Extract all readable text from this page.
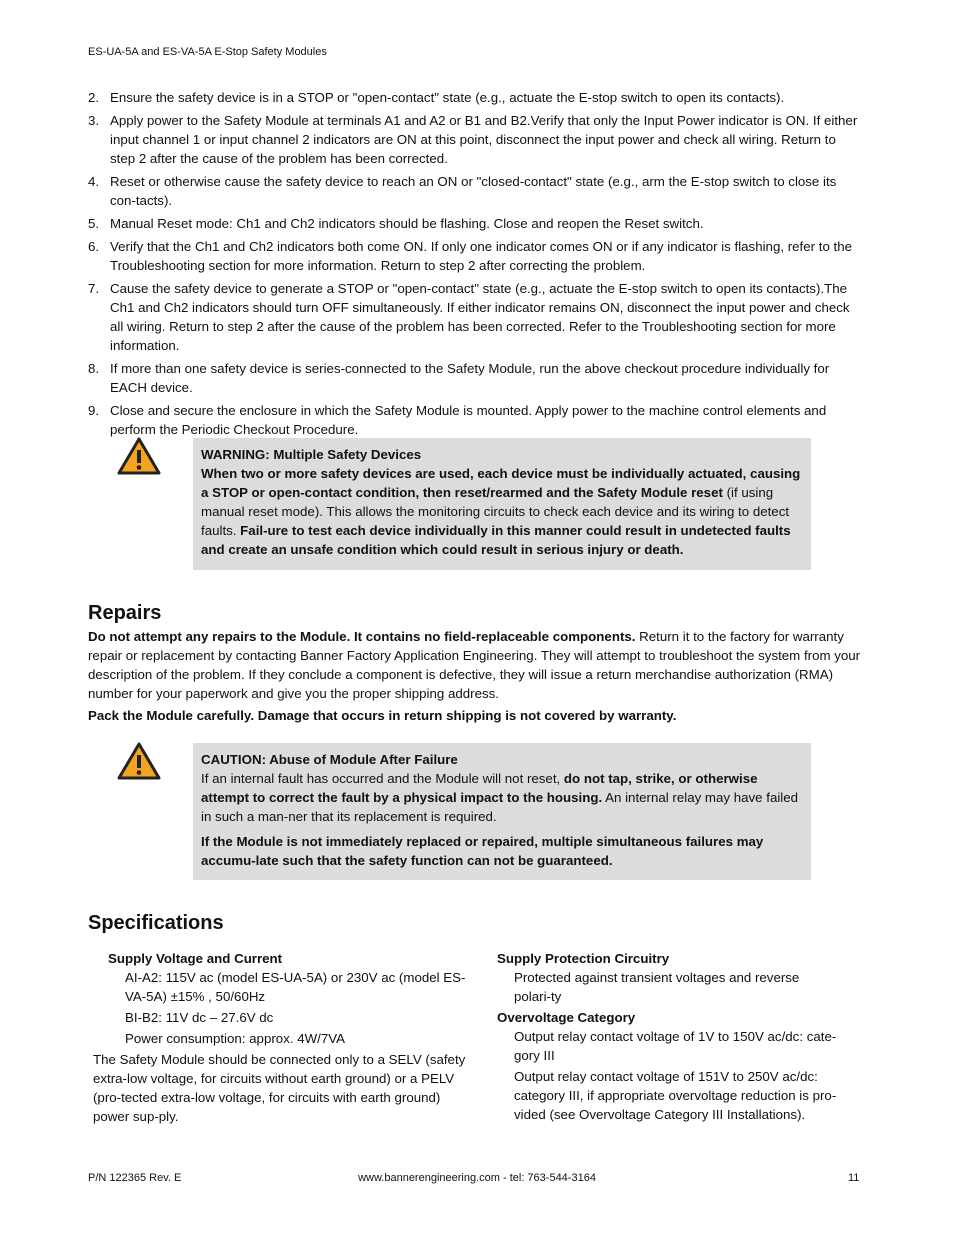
ES-UA-5A and ES-VA-5A E-Stop Safety Modules
2. Ensure the safety device is in a STOP or "open-contact" state (e.g., actuate the E-stop switch to open its contacts).
3. Apply power to the Safety Module at terminals A1 and A2 or B1 and B2.Verify that only the Input Power indicator is ON. If either input channel 1 or input channel 2 indicators are ON at this point, disconnect the input power and check all wiring. Return to step 2 after the cause of the problem has been corrected.
4. Reset or otherwise cause the safety device to reach an ON or "closed-contact" state (e.g., arm the E-stop switch to close its con-tacts).
5. Manual Reset mode: Ch1 and Ch2 indicators should be flashing. Close and reopen the Reset switch.
6. Verify that the Ch1 and Ch2 indicators both come ON. If only one indicator comes ON or if any indicator is flashing, refer to the Troubleshooting section for more information. Return to step 2 after correcting the problem.
7. Cause the safety device to generate a STOP or "open-contact" state (e.g., actuate the E-stop switch to open its contacts).The Ch1 and Ch2 indicators should turn OFF simultaneously. If either indicator remains ON, disconnect the input power and check all wiring. Return to step 2 after the cause of the problem has been corrected. Refer to the Troubleshooting section for more information.
8. If more than one safety device is series-connected to the Safety Module, run the above checkout procedure individually for EACH device.
9. Close and secure the enclosure in which the Safety Module is mounted. Apply power to the machine control elements and perform the Periodic Checkout Procedure.

WARNING: Multiple Safety Devices

When two or more safety devices are used, each device must be individually actuated, causing a STOP or open-contact condition, then reset/rearmed and the Safety Module reset (if using manual reset mode). This allows the monitoring circuits to check each device and its wiring to detect faults. Fail-ure to test each device individually in this manner could result in undetected faults and create an unsafe condition which could result in serious injury or death.

Repairs

Do not attempt any repairs to the Module. It contains no field-replaceable components. Return it to the factory for warranty repair or replacement by contacting Banner Factory Application Engineering. They will attempt to troubleshoot the system from your description of the problem. If they conclude a component is defective, they will issue a return merchandise authorization (RMA) number for your paperwork and give you the proper shipping address.

Pack the Module carefully. Damage that occurs in return shipping is not covered by warranty.

CAUTION: Abuse of Module After Failure

If an internal fault has occurred and the Module will not reset, do not tap, strike, or otherwise attempt to correct the fault by a physical impact to the housing. An internal relay may have failed in such a man-ner that its replacement is required.

If the Module is not immediately replaced or repaired, multiple simultaneous failures may accumu-late such that the safety function can not be guaranteed.

Specifications
Supply Voltage and Current
AI-A2: 115V ac (model ES-UA-5A) or 230V ac (model ES-VA-5A) ±15% , 50/60Hz
BI-B2: 11V dc – 27.6V dc
Power consumption: approx. 4W/7VA
The Safety Module should be connected only to a SELV (safety extra-low voltage, for circuits without earth ground) or a PELV (pro-tected extra-low voltage, for circuits with earth ground) power sup-ply.
Supply Protection Circuitry
Protected against transient voltages and reverse polari-ty
Overvoltage Category
Output relay contact voltage of 1V to 150V ac/dc: cate-gory III
Output relay contact voltage of 151V to 250V ac/dc: category III, if appropriate overvoltage reduction is pro-vided (see Overvoltage Category III Installations).
P/N 122365 Rev. E	www.bannerengineering.com - tel: 763-544-3164	11
